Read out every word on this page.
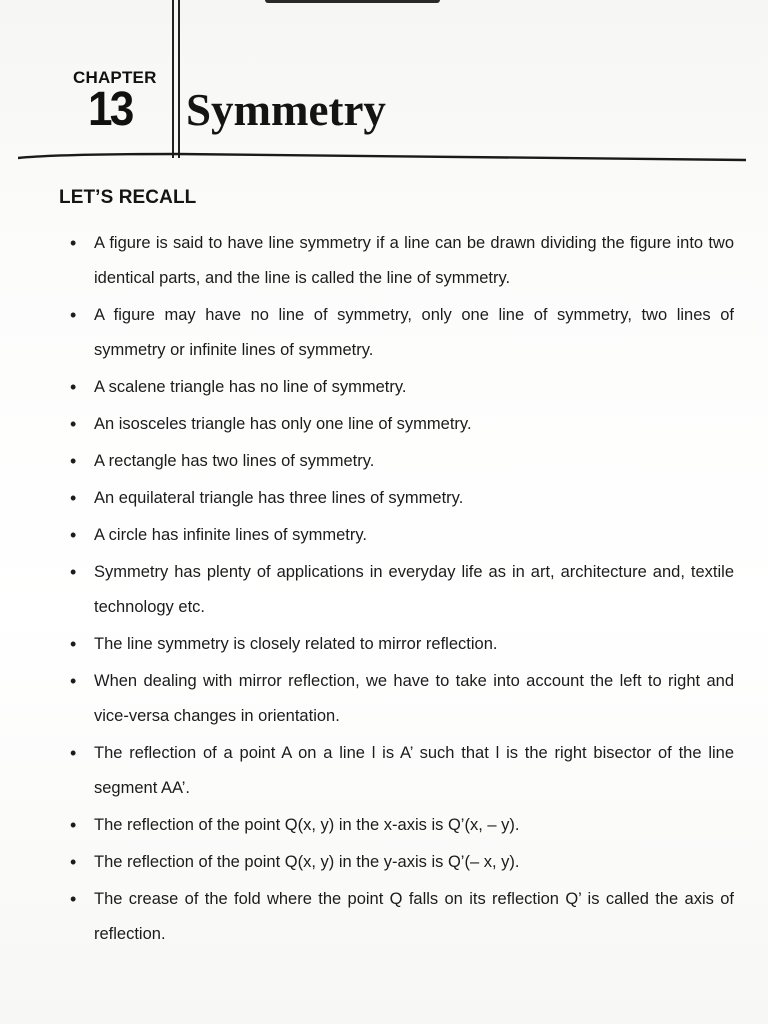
CHAPTER
13 Symmetry
LET’S RECALL
• A figure is said to have line symmetry if a line can be drawn dividing the figure into two identical parts, and the line is called the line of symmetry.
• A figure may have no line of symmetry, only one line of symmetry, two lines of symmetry or infinite lines of symmetry.
• A scalene triangle has no line of symmetry.
• An isosceles triangle has only one line of symmetry.
• A rectangle has two lines of symmetry.
• An equilateral triangle has three lines of symmetry.
• A circle has infinite lines of symmetry.
• Symmetry has plenty of applications in everyday life as in art, architecture and, textile technology etc.
• The line symmetry is closely related to mirror reflection.
• When dealing with mirror reflection, we have to take into account the left to right and vice-versa changes in orientation.
• The reflection of a point A on a line l is A’ such that l is the right bisector of the line segment AA’.
• The reflection of the point Q(x, y) in the x-axis is Q’(x, – y).
• The reflection of the point Q(x, y) in the y-axis is Q’(– x, y).
• The crease of the fold where the point Q falls on its reflection Q’ is called the axis of reflection.
